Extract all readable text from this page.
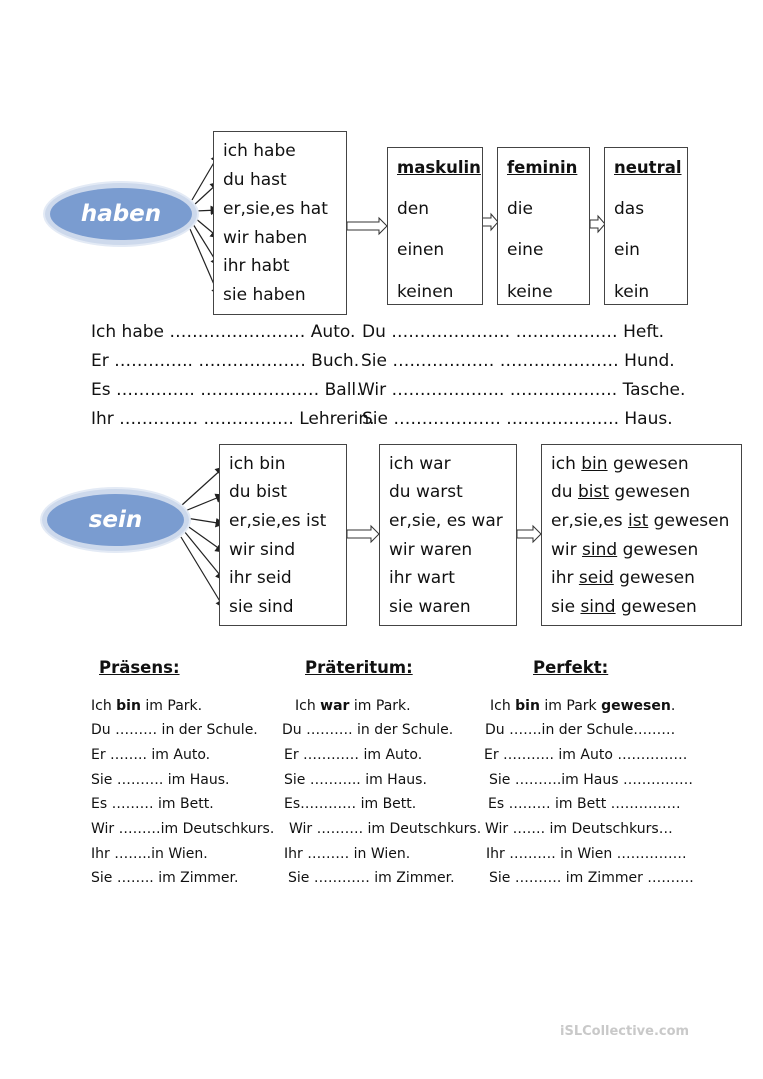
haben
ich habe
du hast
er,sie,es hat
wir haben
ihr habt
sie haben
maskulin
den
einen
keinen
feminin
die
eine
keine
neutral
das
ein
kein
Ich habe …………………… Auto.
Er ………….. ………………. Buch.
Es ………….. ………………… Ball.
Ihr ………….. ……………. Lehrerin.
Du ………………… ……………… Heft.
Sie ……………… ………………… Hund.
Wir ……………….. ………………. Tasche.
Sie ………………. ……………….. Haus.
sein
ich bin
du bist
er,sie,es ist
wir sind
ihr seid
sie sind
ich war
du warst
er,sie, es war
wir waren
ihr wart
sie waren
ich bin gewesen
du bist gewesen
er,sie,es ist gewesen
wir sind gewesen
ihr seid gewesen
sie sind gewesen
Präsens:	Präteritum:	Perfekt:
Ich bin im Park.
Du ……… in der Schule.
Er …….. im Auto.
Sie ………. im Haus.
Es ……… im Bett.
Wir ………im Deutschkurs.
Ihr ……..in Wien.
Sie …….. im Zimmer.
Ich war im Park.
Du ………. in der Schule.
Er ………… im Auto.
Sie ……….. im Haus.
Es………… im Bett.
Wir ………. im Deutschkurs.
Ihr ……… in Wien.
Sie ………… im Zimmer.
Ich bin im Park gewesen.
Du …….in der Schule………
Er ……….. im Auto ……………
Sie ……….im Haus ……………
Es ……… im Bett ……………
Wir ……. im Deutschkurs…
Ihr ………. in Wien ……………
Sie ………. im Zimmer ……….
iSLCollective.com
